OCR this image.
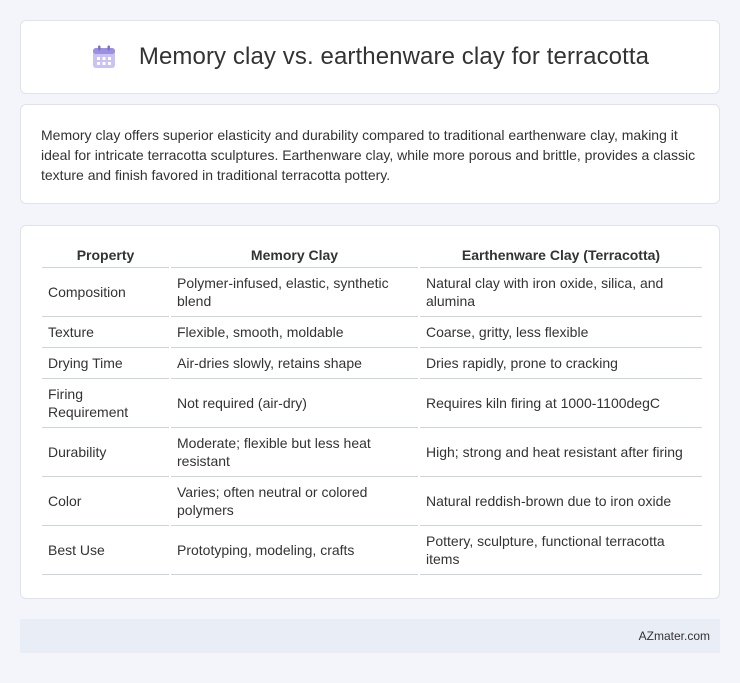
Memory clay vs. earthenware clay for terracotta

Memory clay offers superior elasticity and durability compared to traditional earthenware clay, making it ideal for intricate terracotta sculptures. Earthenware clay, while more porous and brittle, provides a classic texture and finish favored in traditional terracotta pottery.

Property	Memory Clay	Earthenware Clay (Terracotta)
Composition	Polymer-infused, elastic, synthetic blend	Natural clay with iron oxide, silica, and alumina
Texture	Flexible, smooth, moldable	Coarse, gritty, less flexible
Drying Time	Air-dries slowly, retains shape	Dries rapidly, prone to cracking
Firing Requirement	Not required (air-dry)	Requires kiln firing at 1000-1100degC
Durability	Moderate; flexible but less heat resistant	High; strong and heat resistant after firing
Color	Varies; often neutral or colored polymers	Natural reddish-brown due to iron oxide
Best Use	Prototyping, modeling, crafts	Pottery, sculpture, functional terracotta items
AZmater.com
